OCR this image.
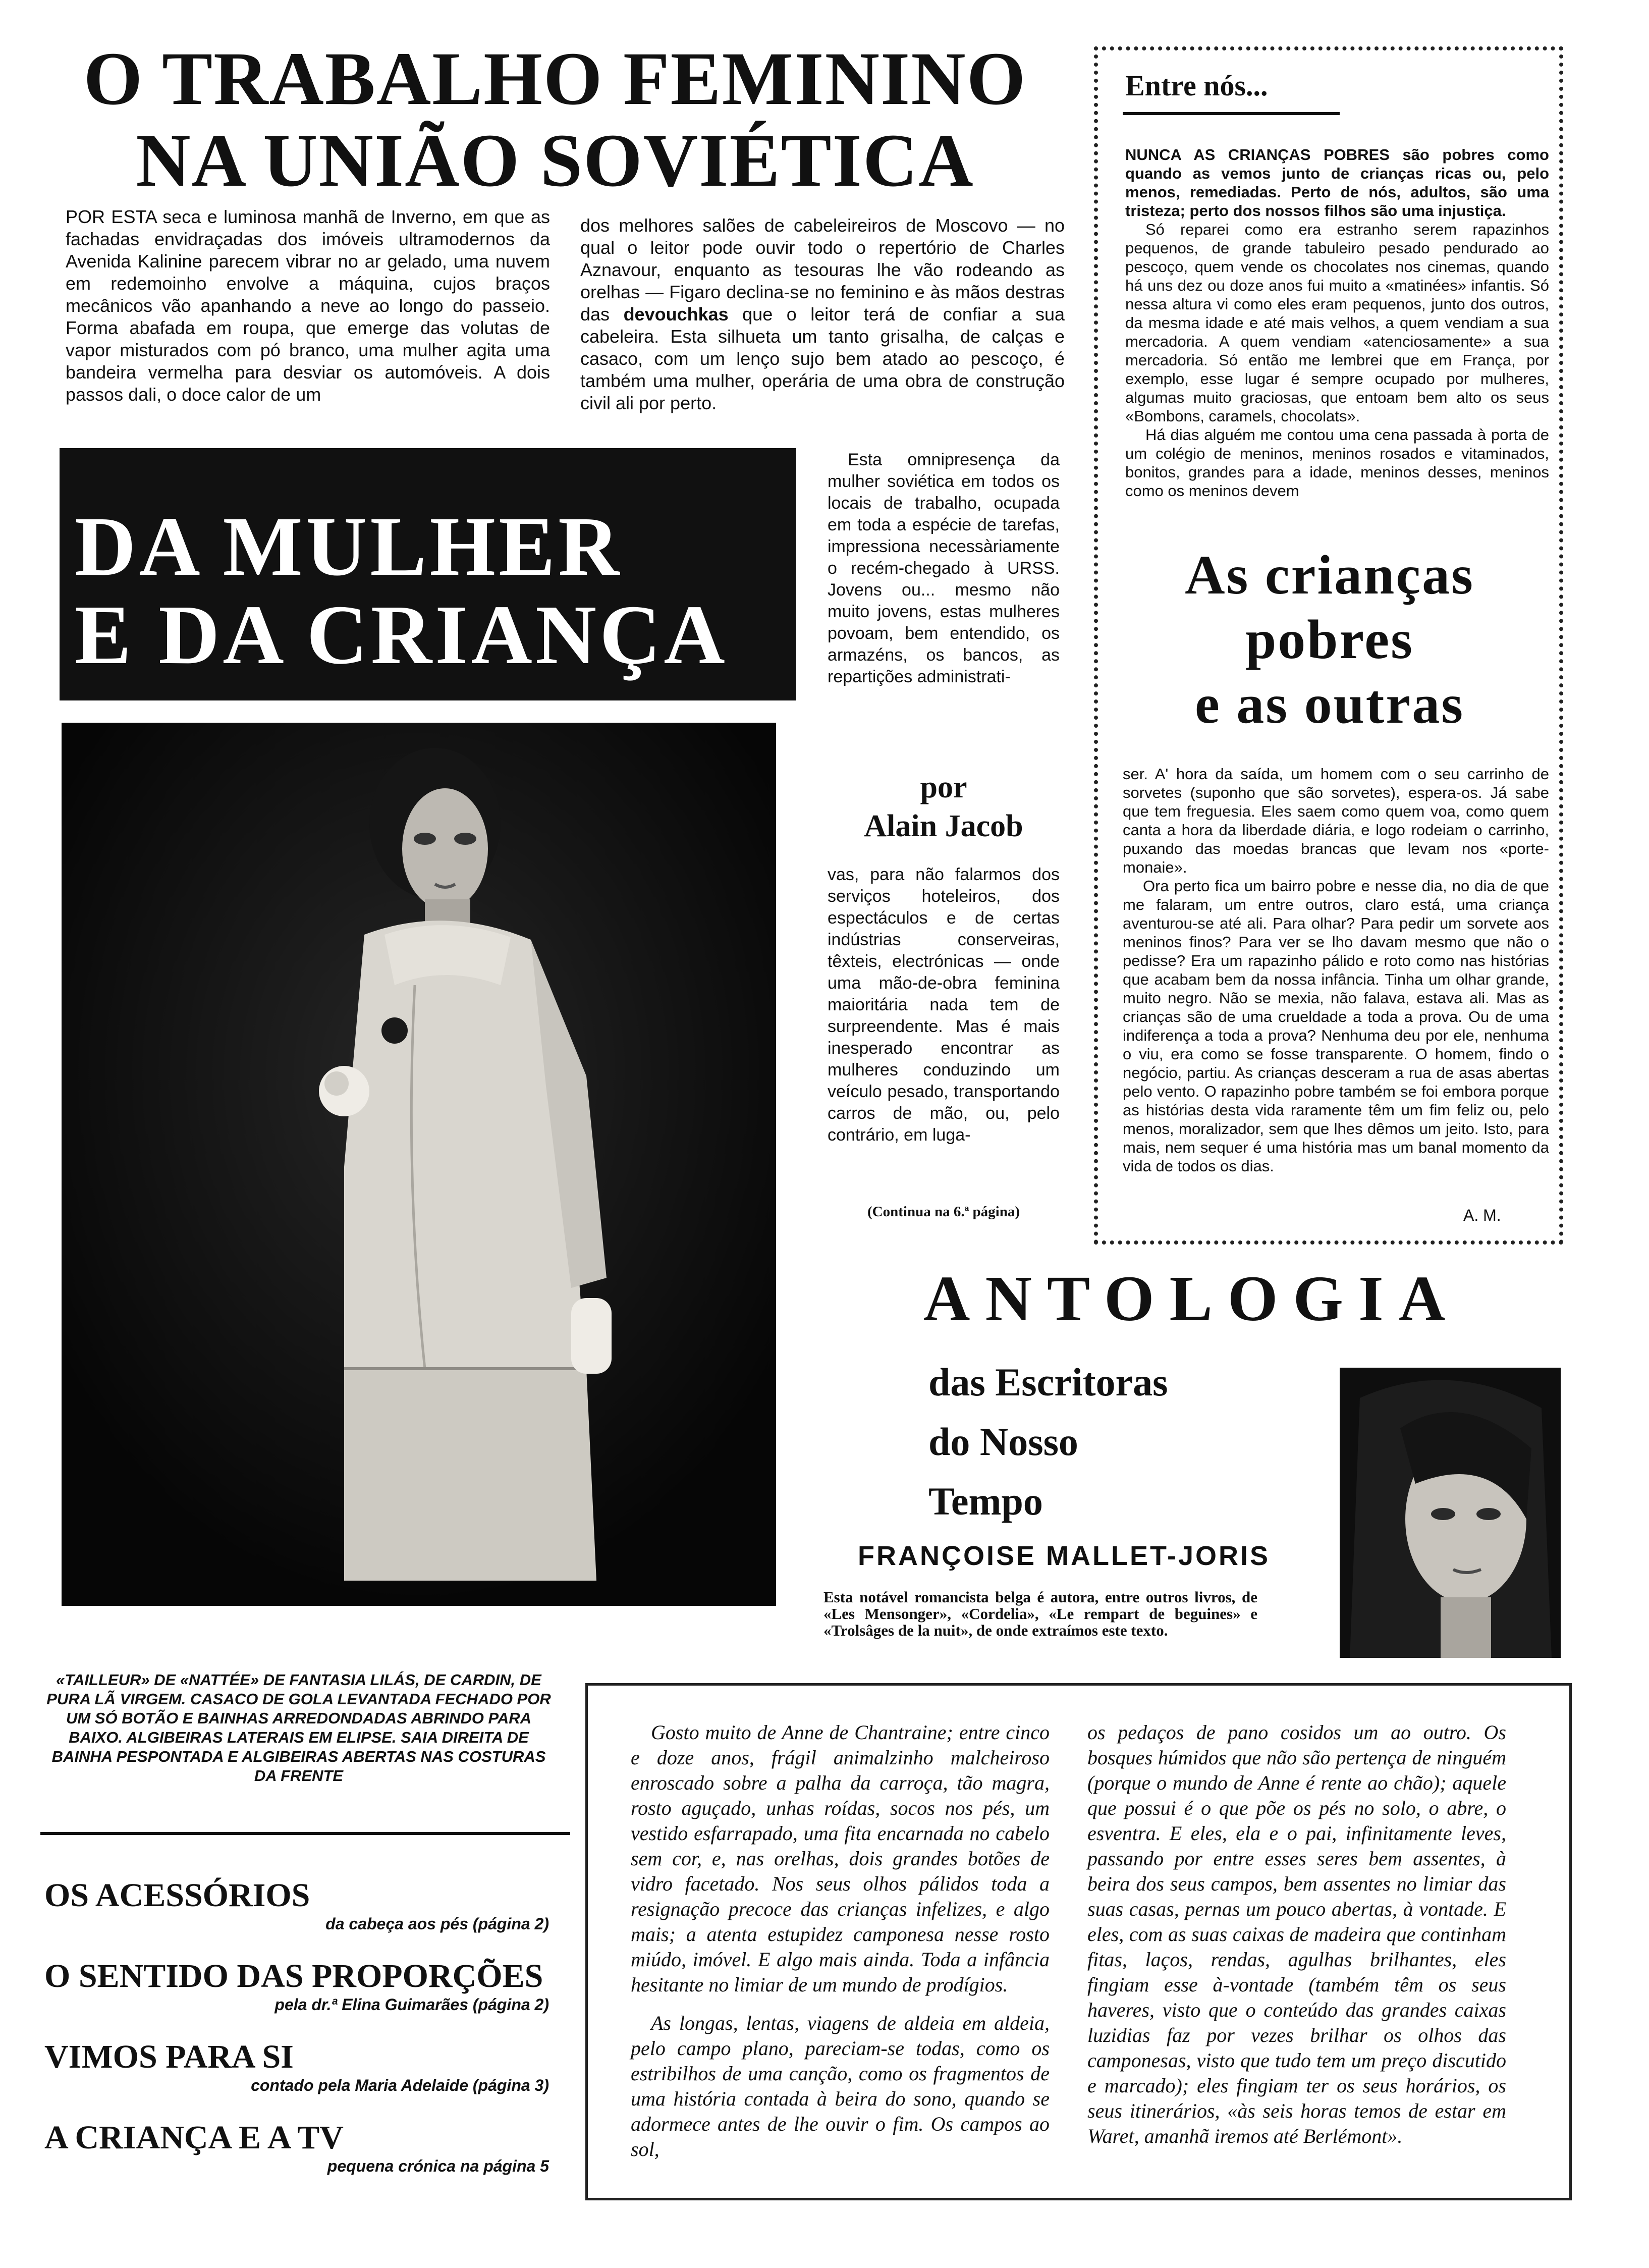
O TRABALHO FEMININO
NA UNIÃO SOVIÉTICA

POR ESTA seca e luminosa manhã de Inverno, em que as fachadas envidraçadas dos imóveis ultramodernos da Avenida Kalinine parecem vibrar no ar gelado, uma nuvem em redemoinho envolve a máquina, cujos braços mecânicos vão apanhando a neve ao longo do passeio. Forma abafada em roupa, que emerge das volutas de vapor misturados com pó branco, uma mulher agita uma bandeira vermelha para desviar os automóveis. A dois passos dali, o doce calor de um

dos melhores salões de cabeleireiros de Moscovo — no qual o leitor pode ouvir todo o repertório de Charles Aznavour, enquanto as tesouras lhe vão rodeando as orelhas — Figaro declina-se no feminino e às mãos destras das devouchkas que o leitor terá de confiar a sua cabeleira. Esta silhueta um tanto grisalha, de calças e casaco, com um lenço sujo bem atado ao pescoço, é também uma mulher, operária de uma obra de construção civil ali por perto.

DA MULHER
E DA CRIANÇA

Esta omnipresença da mulher soviética em todos os locais de trabalho, ocupada em toda a espécie de tarefas, impressiona necessàriamente o recém-chegado à URSS. Jovens ou... mesmo não muito jovens, estas mulheres povoam, bem entendido, os armazéns, os bancos, as repartições administrati-

por
Alain Jacob

vas, para não falarmos dos serviços hoteleiros, dos espectáculos e de certas indústrias conserveiras, têxteis, electrónicas — onde uma mão-de-obra feminina maioritária nada tem de surpreendente. Mas é mais inesperado encontrar as mulheres conduzindo um veículo pesado, transportando carros de mão, ou, pelo contrário, em luga-

(Continua na 6.ª página)
«TAILLEUR» DE «NATTÉE» DE FANTASIA LILÁS, DE CARDIN, DE PURA LÃ VIRGEM. CASACO DE GOLA LEVANTADA FECHADO POR UM SÓ BOTÃO E BAINHAS ARREDONDADAS ABRINDO PARA BAIXO. ALGIBEIRAS LATERAIS EM ELIPSE. SAIA DIREITA DE BAINHA PESPONTADA E ALGIBEIRAS ABERTAS NAS COSTURAS DA FRENTE
Entre nós...

NUNCA AS CRIANÇAS POBRES são pobres como quando as vemos junto de crianças ricas ou, pelo menos, remediadas. Perto de nós, adultos, são uma tristeza; perto dos nossos filhos são uma injustiça.

Só reparei como era estranho serem rapazinhos pequenos, de grande tabuleiro pesado pendurado ao pescoço, quem vende os chocolates nos cinemas, quando há uns dez ou doze anos fui muito a «matinées» infantis. Só nessa altura vi como eles eram pequenos, junto dos outros, da mesma idade e até mais velhos, a quem vendiam a sua mercadoria. A quem vendiam «atenciosamente» a sua mercadoria. Só então me lembrei que em França, por exemplo, esse lugar é sempre ocupado por mulheres, algumas muito graciosas, que entoam bem alto os seus «Bombons, caramels, chocolats».

Há dias alguém me contou uma cena passada à porta de um colégio de meninos, meninos rosados e vitaminados, bonitos, grandes para a idade, meninos desses, meninos como os meninos devem

As crianças
pobres
e as outras

ser. A' hora da saída, um homem com o seu carrinho de sorvetes (suponho que são sorvetes), espera-os. Já sabe que tem freguesia. Eles saem como quem voa, como quem canta a hora da liberdade diária, e logo rodeiam o carrinho, puxando das moedas brancas que levam nos «porte-monaie».

Ora perto fica um bairro pobre e nesse dia, no dia de que me falaram, um entre outros, claro está, uma criança aventurou-se até ali. Para olhar? Para pedir um sorvete aos meninos finos? Para ver se lho davam mesmo que não o pedisse? Era um rapazinho pálido e roto como nas histórias que acabam bem da nossa infância. Tinha um olhar grande, muito negro. Não se mexia, não falava, estava ali. Mas as crianças são de uma crueldade a toda a prova. Ou de uma indiferença a toda a prova? Nenhuma deu por ele, nenhuma o viu, era como se fosse transparente. O homem, findo o negócio, partiu. As crianças desceram a rua de asas abertas pelo vento. O rapazinho pobre também se foi embora porque as histórias desta vida raramente têm um fim feliz ou, pelo menos, moralizador, sem que lhes dêmos um jeito. Isto, para mais, nem sequer é uma história mas um banal momento da vida de todos os dias.

A. M.
ANTOLOGIA
das Escritoras
do Nosso
Tempo
FRANÇOISE MALLET-JORIS
Esta notável romancista belga é autora, entre outros livros, de «Les Mensonger», «Cordelia», «Le rempart de beguines» e «Trolsâges de la nuit», de onde extraímos este texto.

Gosto muito de Anne de Chantraine; entre cinco e doze anos, frágil animalzinho malcheiroso enroscado sobre a palha da carroça, tão magra, rosto aguçado, unhas roídas, socos nos pés, um vestido esfarrapado, uma fita encarnada no cabelo sem cor, e, nas orelhas, dois grandes botões de vidro facetado. Nos seus olhos pálidos toda a resignação precoce das crianças infelizes, e algo mais; a atenta estupidez camponesa nesse rosto miúdo, imóvel. E algo mais ainda. Toda a infância hesitante no limiar de um mundo de prodígios.

As longas, lentas, viagens de aldeia em aldeia, pelo campo plano, pareciam-se todas, como os estribilhos de uma canção, como os fragmentos de uma história contada à beira do sono, quando se adormece antes de lhe ouvir o fim. Os campos ao sol,

os pedaços de pano cosidos um ao outro. Os bosques húmidos que não são pertença de ninguém (porque o mundo de Anne é rente ao chão); aquele que possui é o que põe os pés no solo, o abre, o esventra. E eles, ela e o pai, infinitamente leves, passando por entre esses seres bem assentes, à beira dos seus campos, bem assentes no limiar das suas casas, pernas um pouco abertas, à vontade. E eles, com as suas caixas de madeira que continham fitas, laços, rendas, agulhas brilhantes, eles fingiam esse à-vontade (também têm os seus haveres, visto que o conteúdo das grandes caixas luzidias faz por vezes brilhar os olhos das camponesas, visto que tudo tem um preço discutido e marcado); eles fingiam ter os seus horários, os seus itinerários, «às seis horas temos de estar em Waret, amanhã iremos até Berlémont».

OS ACESSÓRIOS
da cabeça aos pés (página 2)
O SENTIDO DAS PROPORÇÕES
pela dr.ª Elina Guimarães (página 2)
VIMOS PARA SI
contado pela Maria Adelaide (página 3)
A CRIANÇA E A TV
pequena crónica na página 5
